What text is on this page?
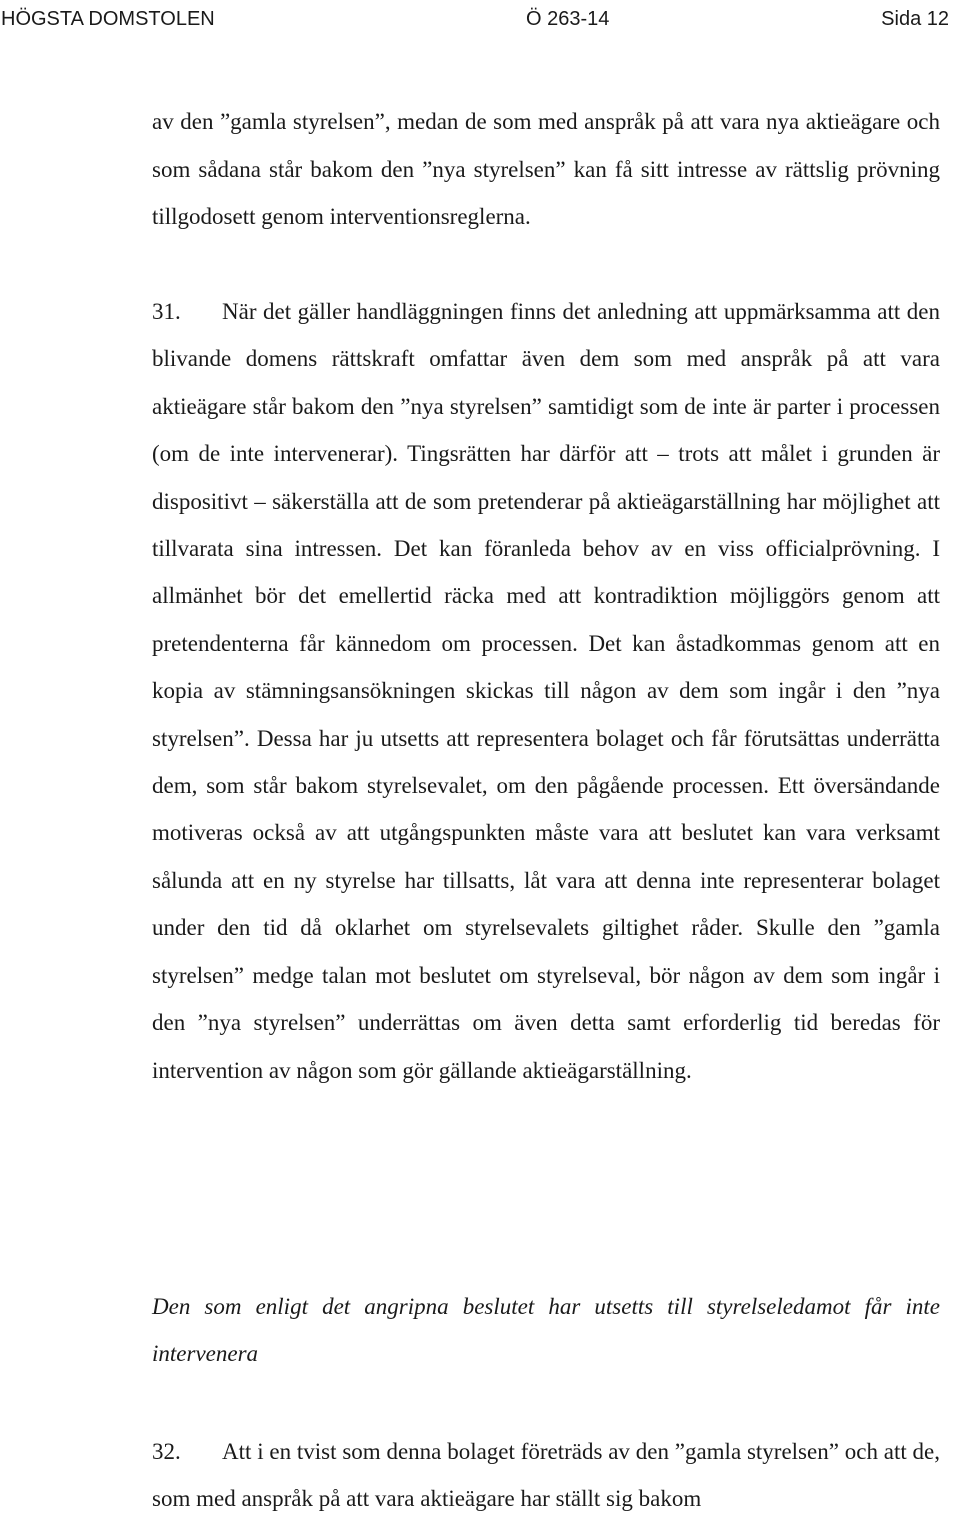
HÖGSTA DOMSTOLEN	Ö 263-14	Sida 12

av den ”gamla styrelsen”, medan de som med anspråk på att vara nya aktieägare och som sådana står bakom den ”nya styrelsen” kan få sitt intresse av rättslig prövning tillgodosett genom interventionsreglerna.

31. När det gäller handläggningen finns det anledning att uppmärksamma att den blivande domens rättskraft omfattar även dem som med anspråk på att vara aktieägare står bakom den ”nya styrelsen” samtidigt som de inte är parter i processen (om de inte intervenerar). Tingsrätten har därför att – trots att målet i grunden är dispositivt – säkerställa att de som pretenderar på aktieägarställning har möjlighet att tillvarata sina intressen. Det kan föranleda behov av en viss officialprövning. I allmänhet bör det emellertid räcka med att kontradiktion möjliggörs genom att pretendenterna får kännedom om processen. Det kan åstadkommas genom att en kopia av stämningsansökningen skickas till någon av dem som ingår i den ”nya styrelsen”. Dessa har ju utsetts att representera bolaget och får förutsättas underrätta dem, som står bakom styrelsevalet, om den pågående processen. Ett översändande motiveras också av att utgångspunkten måste vara att beslutet kan vara verksamt sålunda att en ny styrelse har tillsatts, låt vara att denna inte representerar bolaget under den tid då oklarhet om styrelsevalets giltighet råder. Skulle den ”gamla styrelsen” medge talan mot beslutet om styrelseval, bör någon av dem som ingår i den ”nya styrelsen” underrättas om även detta samt erforderlig tid beredas för intervention av någon som gör gällande aktieägarställning.

Den som enligt det angripna beslutet har utsetts till styrelseledamot får inte intervenera

32. Att i en tvist som denna bolaget företräds av den ”gamla styrelsen” och att de, som med anspråk på att vara aktieägare har ställt sig bakom
